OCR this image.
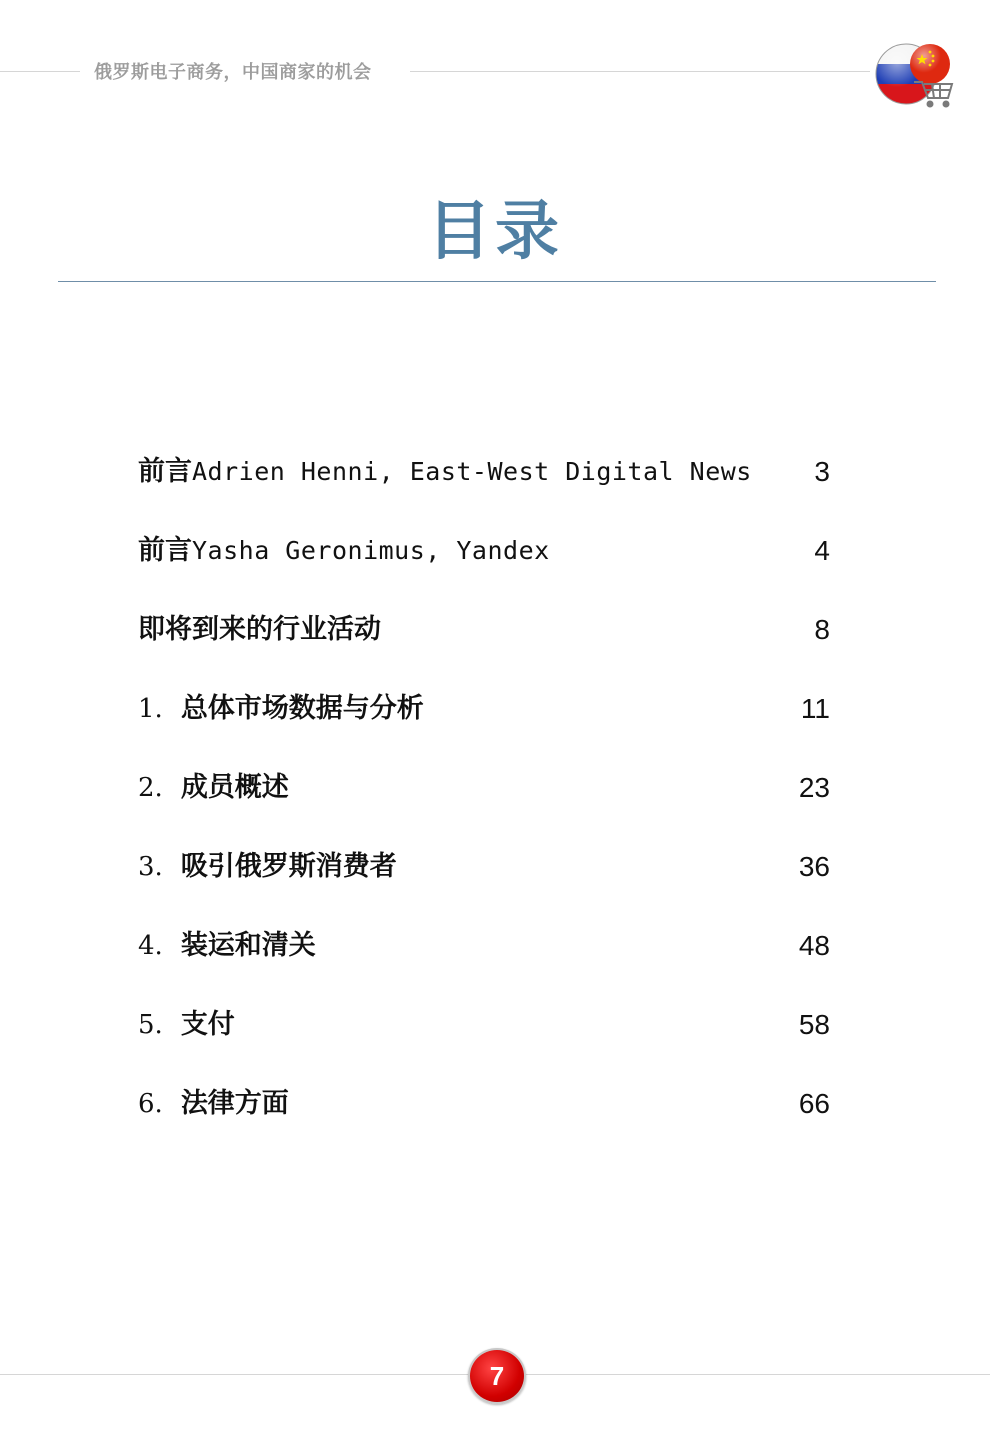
俄罗斯电子商务，中国商家的机会
目录
前言Adrien Henni, East-West Digital News	3
前言Yasha Geronimus, Yandex	4
即将到来的行业活动	8
1. 总体市场数据与分析	11
2. 成员概述	23
3. 吸引俄罗斯消费者	36
4. 装运和清关	48
5. 支付	58
6. 法律方面	66
7
